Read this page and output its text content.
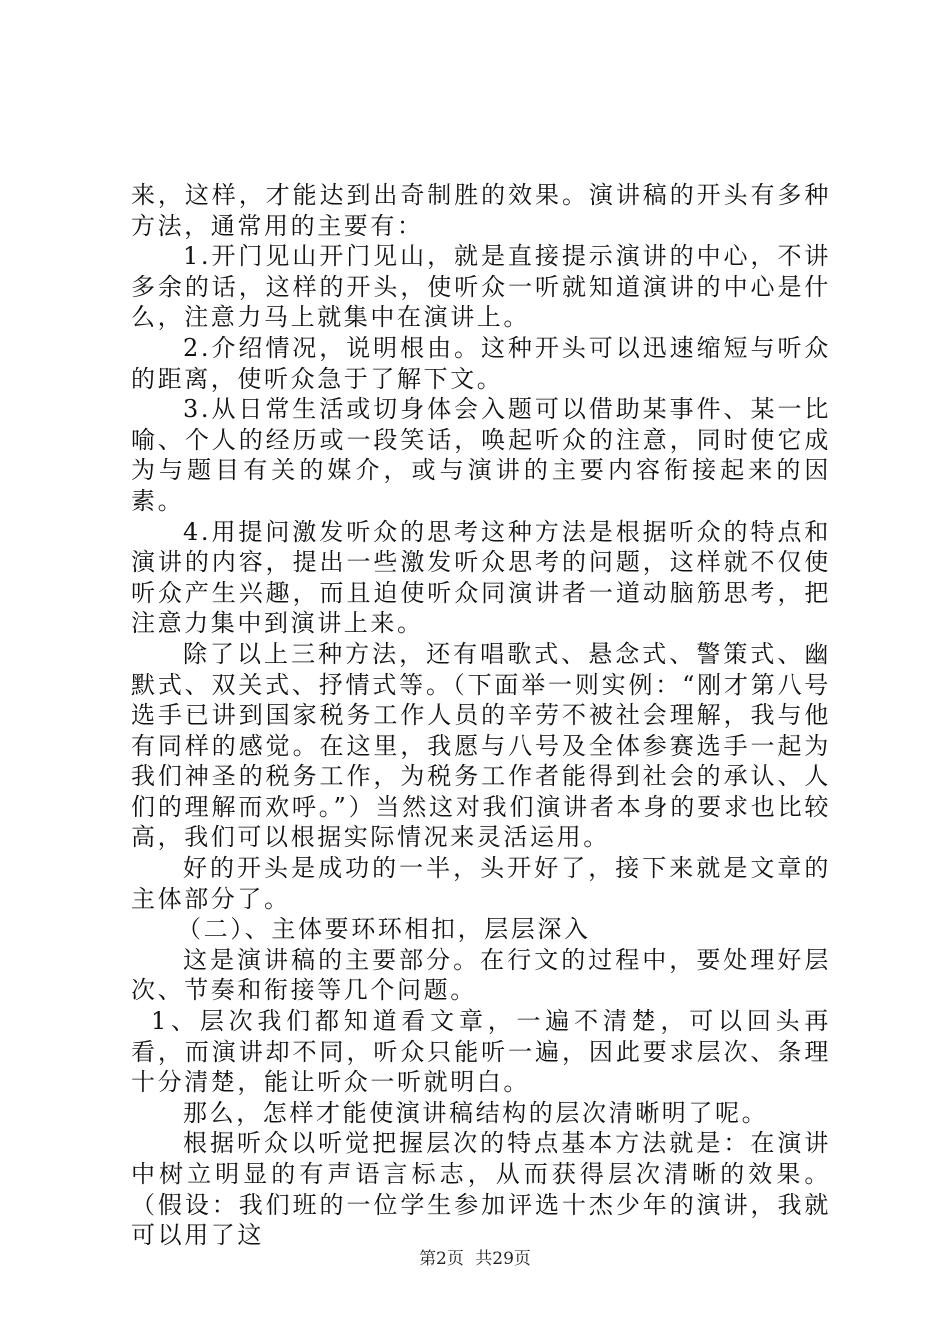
来，这样，才能达到出奇制胜的效果。演讲稿的开头有多种方法，通常用的主要有：

1.开门见山开门见山，就是直接提示演讲的中心，不讲多余的话，这样的开头，使听众一听就知道演讲的中心是什么，注意力马上就集中在演讲上。

2.介绍情况，说明根由。这种开头可以迅速缩短与听众的距离，使听众急于了解下文。

3.从日常生活或切身体会入题可以借助某事件、某一比喻、个人的经历或一段笑话，唤起听众的注意，同时使它成为与题目有关的媒介，或与演讲的主要内容衔接起来的因素。

4.用提问激发听众的思考这种方法是根据听众的特点和演讲的内容，提出一些激发听众思考的问题，这样就不仅使听众产生兴趣，而且迫使听众同演讲者一道动脑筋思考，把注意力集中到演讲上来。

除了以上三种方法，还有唱歌式、悬念式、警策式、幽默式、双关式、抒情式等。（下面举一则实例：“刚才第八号选手已讲到国家税务工作人员的辛劳不被社会理解，我与他有同样的感觉。在这里，我愿与八号及全体参赛选手一起为我们神圣的税务工作，为税务工作者能得到社会的承认、人们的理解而欢呼。”）当然这对我们演讲者本身的要求也比较高，我们可以根据实际情况来灵活运用。

好的开头是成功的一半，头开好了，接下来就是文章的主体部分了。

（二）、主体要环环相扣，层层深入

这是演讲稿的主要部分。在行文的过程中，要处理好层次、节奏和衔接等几个问题。

1、层次我们都知道看文章，一遍不清楚，可以回头再看，而演讲却不同，听众只能听一遍，因此要求层次、条理十分清楚，能让听众一听就明白。

那么，怎样才能使演讲稿结构的层次清晰明了呢。

根据听众以听觉把握层次的特点基本方法就是：在演讲中树立明显的有声语言标志，从而获得层次清晰的效果。（假设：我们班的一位学生参加评选十杰少年的演讲，我就可以用了这

第2页 共29页
